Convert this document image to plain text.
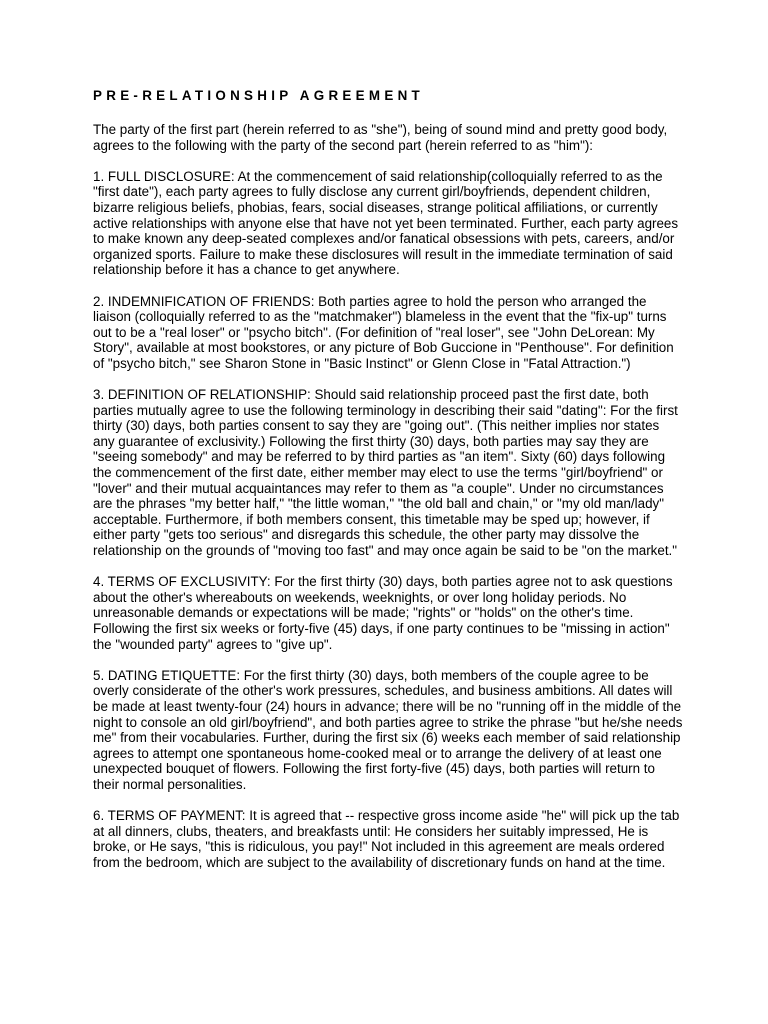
PRE-RELATIONSHIP AGREEMENT

The party of the first part (herein referred to as "she"), being of sound mind and pretty good body, agrees to the following with the party of the second part (herein referred to as "him"):

1. FULL DISCLOSURE: At the commencement of said relationship(colloquially referred to as the "first date"), each party agrees to fully disclose any current girl/boyfriends, dependent children, bizarre religious beliefs, phobias, fears, social diseases, strange political affiliations, or currently active relationships with anyone else that have not yet been terminated. Further, each party agrees to make known any deep-seated complexes and/or fanatical obsessions with pets, careers, and/or organized sports. Failure to make these disclosures will result in the immediate termination of said relationship before it has a chance to get anywhere.

2. INDEMNIFICATION OF FRIENDS: Both parties agree to hold the person who arranged the liaison (colloquially referred to as the "matchmaker") blameless in the event that the "fix-up" turns out to be a "real loser" or "psycho bitch". (For definition of "real loser", see "John DeLorean: My Story", available at most bookstores, or any picture of Bob Guccione in "Penthouse". For definition of "psycho bitch," see Sharon Stone in "Basic Instinct" or Glenn Close in "Fatal Attraction.")

3. DEFINITION OF RELATIONSHIP: Should said relationship proceed past the first date, both parties mutually agree to use the following terminology in describing their said "dating": For the first thirty (30) days, both parties consent to say they are "going out". (This neither implies nor states any guarantee of exclusivity.) Following the first thirty (30) days, both parties may say they are "seeing somebody" and may be referred to by third parties as "an item". Sixty (60) days following the commencement of the first date, either member may elect to use the terms "girl/boyfriend" or "lover" and their mutual acquaintances may refer to them as "a couple". Under no circumstances are the phrases "my better half," "the little woman," "the old ball and chain," or "my old man/lady" acceptable. Furthermore, if both members consent, this timetable may be sped up; however, if either party "gets too serious" and disregards this schedule, the other party may dissolve the relationship on the grounds of "moving too fast" and may once again be said to be "on the market."

4. TERMS OF EXCLUSIVITY: For the first thirty (30) days, both parties agree not to ask questions about the other's whereabouts on weekends, weeknights, or over long holiday periods. No unreasonable demands or expectations will be made; "rights" or "holds" on the other's time. Following the first six weeks or forty-five (45) days, if one party continues to be "missing in action" the "wounded party" agrees to "give up".

5. DATING ETIQUETTE: For the first thirty (30) days, both members of the couple agree to be overly considerate of the other's work pressures, schedules, and business ambitions. All dates will be made at least twenty-four (24) hours in advance; there will be no "running off in the middle of the night to console an old girl/boyfriend", and both parties agree to strike the phrase "but he/she needs me" from their vocabularies. Further, during the first six (6) weeks each member of said relationship agrees to attempt one spontaneous home-cooked meal or to arrange the delivery of at least one unexpected bouquet of flowers. Following the first forty-five (45) days, both parties will return to their normal personalities.

6. TERMS OF PAYMENT: It is agreed that -- respective gross income aside "he" will pick up the tab at all dinners, clubs, theaters, and breakfasts until: He considers her suitably impressed, He is broke, or He says, "this is ridiculous, you pay!" Not included in this agreement are meals ordered from the bedroom, which are subject to the availability of discretionary funds on hand at the time.
